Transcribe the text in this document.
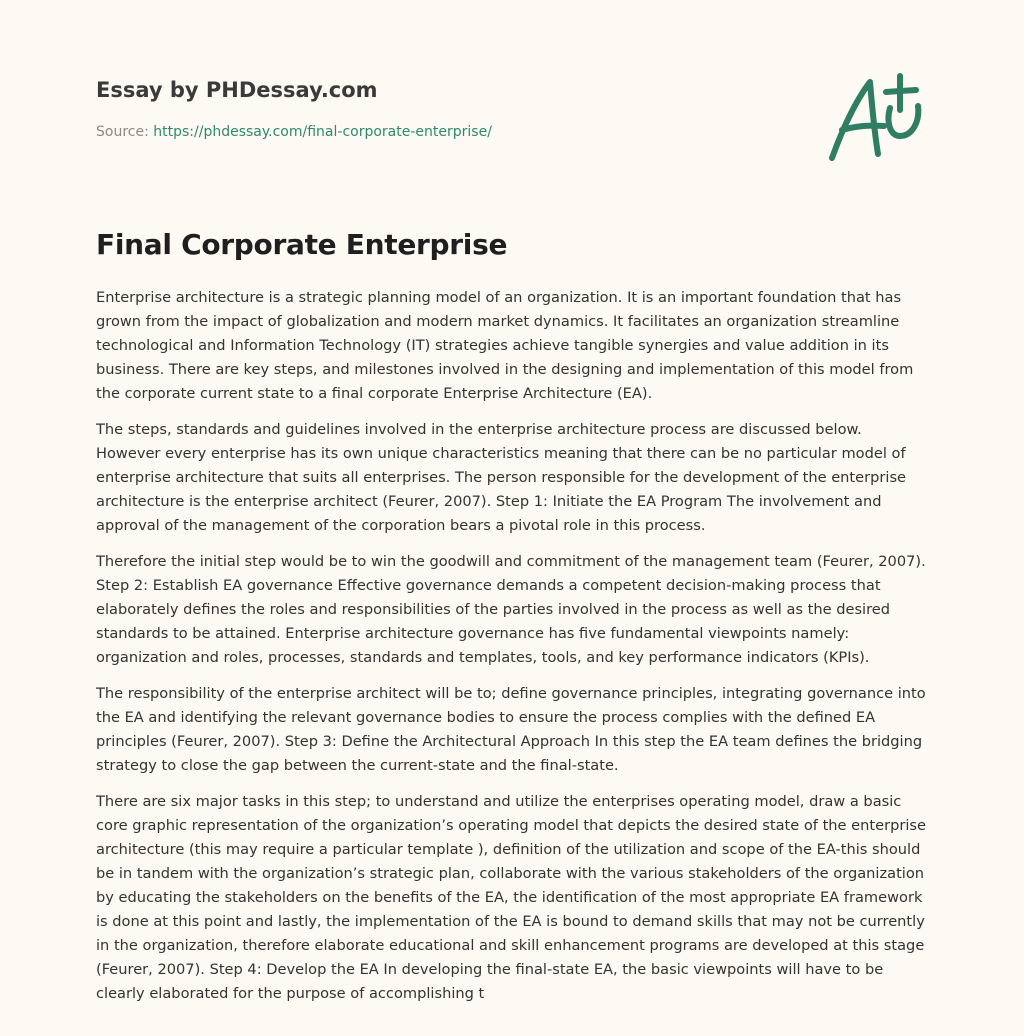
Essay by PHDessay.com
Source: https://phdessay.com/final-corporate-enterprise/
Final Corporate Enterprise

Enterprise architecture is a strategic planning model of an organization. It is an important foundation that has grown from the impact of globalization and modern market dynamics. It facilitates an organization streamline technological and Information Technology (IT) strategies achieve tangible synergies and value addition in its business. There are key steps, and milestones involved in the designing and implementation of this model from the corporate current state to a final corporate Enterprise Architecture (EA).

The steps, standards and guidelines involved in the enterprise architecture process are discussed below. However every enterprise has its own unique characteristics meaning that there can be no particular model of enterprise architecture that suits all enterprises. The person responsible for the development of the enterprise architecture is the enterprise architect (Feurer, 2007). Step 1: Initiate the EA Program The involvement and approval of the management of the corporation bears a pivotal role in this process.

Therefore the initial step would be to win the goodwill and commitment of the management team (Feurer, 2007). Step 2: Establish EA governance Effective governance demands a competent decision-making process that elaborately defines the roles and responsibilities of the parties involved in the process as well as the desired standards to be attained. Enterprise architecture governance has five fundamental viewpoints namely: organization and roles, processes, standards and templates, tools, and key performance indicators (KPIs).

The responsibility of the enterprise architect will be to; define governance principles, integrating governance into the EA and identifying the relevant governance bodies to ensure the process complies with the defined EA principles (Feurer, 2007). Step 3: Define the Architectural Approach In this step the EA team defines the bridging strategy to close the gap between the current-state and the final-state.

There are six major tasks in this step; to understand and utilize the enterprises operating model, draw a basic core graphic representation of the organization’s operating model that depicts the desired state of the enterprise architecture (this may require a particular template ), definition of the utilization and scope of the EA-this should be in tandem with the organization’s strategic plan, collaborate with the various stakeholders of the organization by educating the stakeholders on the benefits of the EA, the identification of the most appropriate EA framework is done at this point and lastly, the implementation of the EA is bound to demand skills that may not be currently in the organization, therefore elaborate educational and skill enhancement programs are developed at this stage (Feurer, 2007). Step 4: Develop the EA In developing the final-state EA, the basic viewpoints will have to be clearly elaborated for the purpose of accomplishing t
